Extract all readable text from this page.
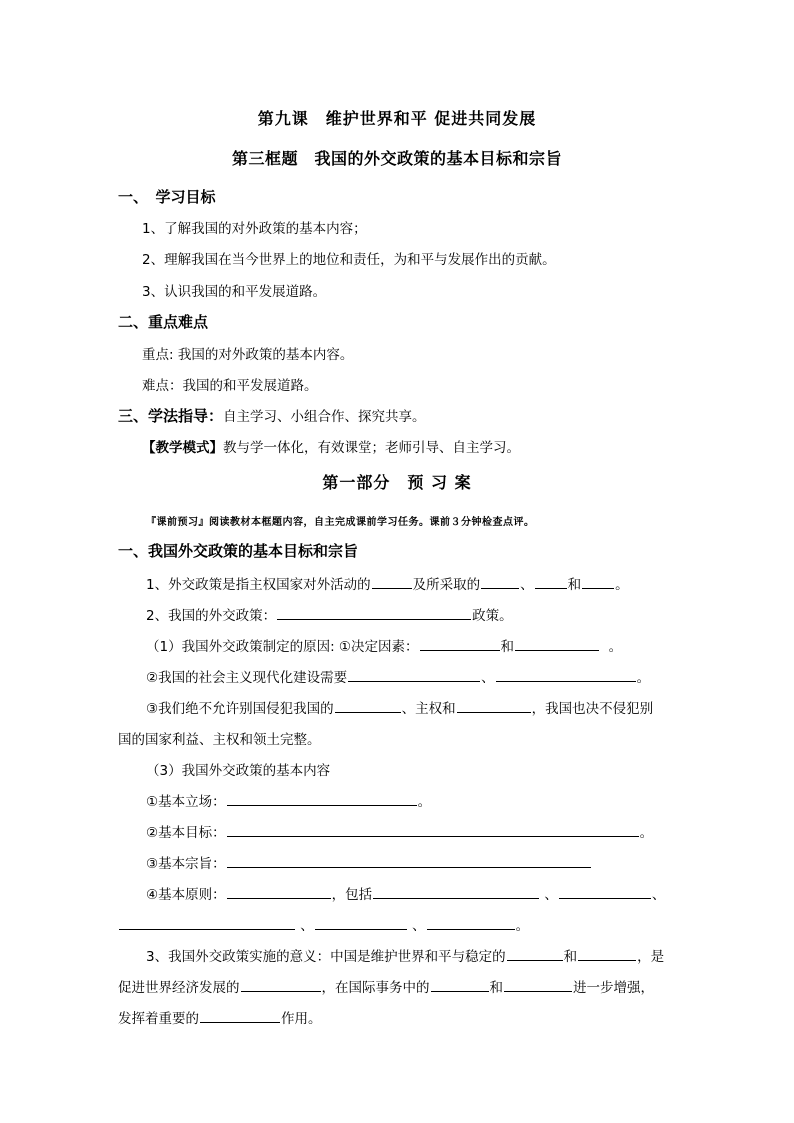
第九课　维护世界和平 促进共同发展
第三框题　我国的外交政策的基本目标和宗旨
一、　学习目标
1、了解我国的对外政策的基本内容；
2、理解我国在当今世界上的地位和责任，为和平与发展作出的贡献。
3、认识我国的和平发展道路。
二、重点难点
重点: 我国的对外政策的基本内容。
难点：我国的和平发展道路。
三、学法指导：自主学习、小组合作、探究共享。
【教学模式】教与学一体化，有效课堂；老师引导、自主学习。
第一部分　预 习 案
『课前预习』阅读教材本框题内容，自主完成课前学习任务。课前３分钟检查点评。
一、我国外交政策的基本目标和宗旨
1、外交政策是指主权国家对外活动的	及所采取的	、	和	。
2、我国的外交政策：	政策。
（1）我国外交政策制定的原因: ①决定因素：	和	。
②我国的社会主义现代化建设需要	、	。
③我们绝不允许别国侵犯我国的	、主权和	，我国也决不侵犯别
国的国家利益、主权和领土完整。
（3）我国外交政策的基本内容
①基本立场：	。
②基本目标：	。
③基本宗旨：
④基本原则：	，包括	、	、
、	、	。
3、我国外交政策实施的意义：中国是维护世界和平与稳定的	和	，是
促进世界经济发展的	，在国际事务中的	和	进一步增强，
发挥着重要的	作用。
